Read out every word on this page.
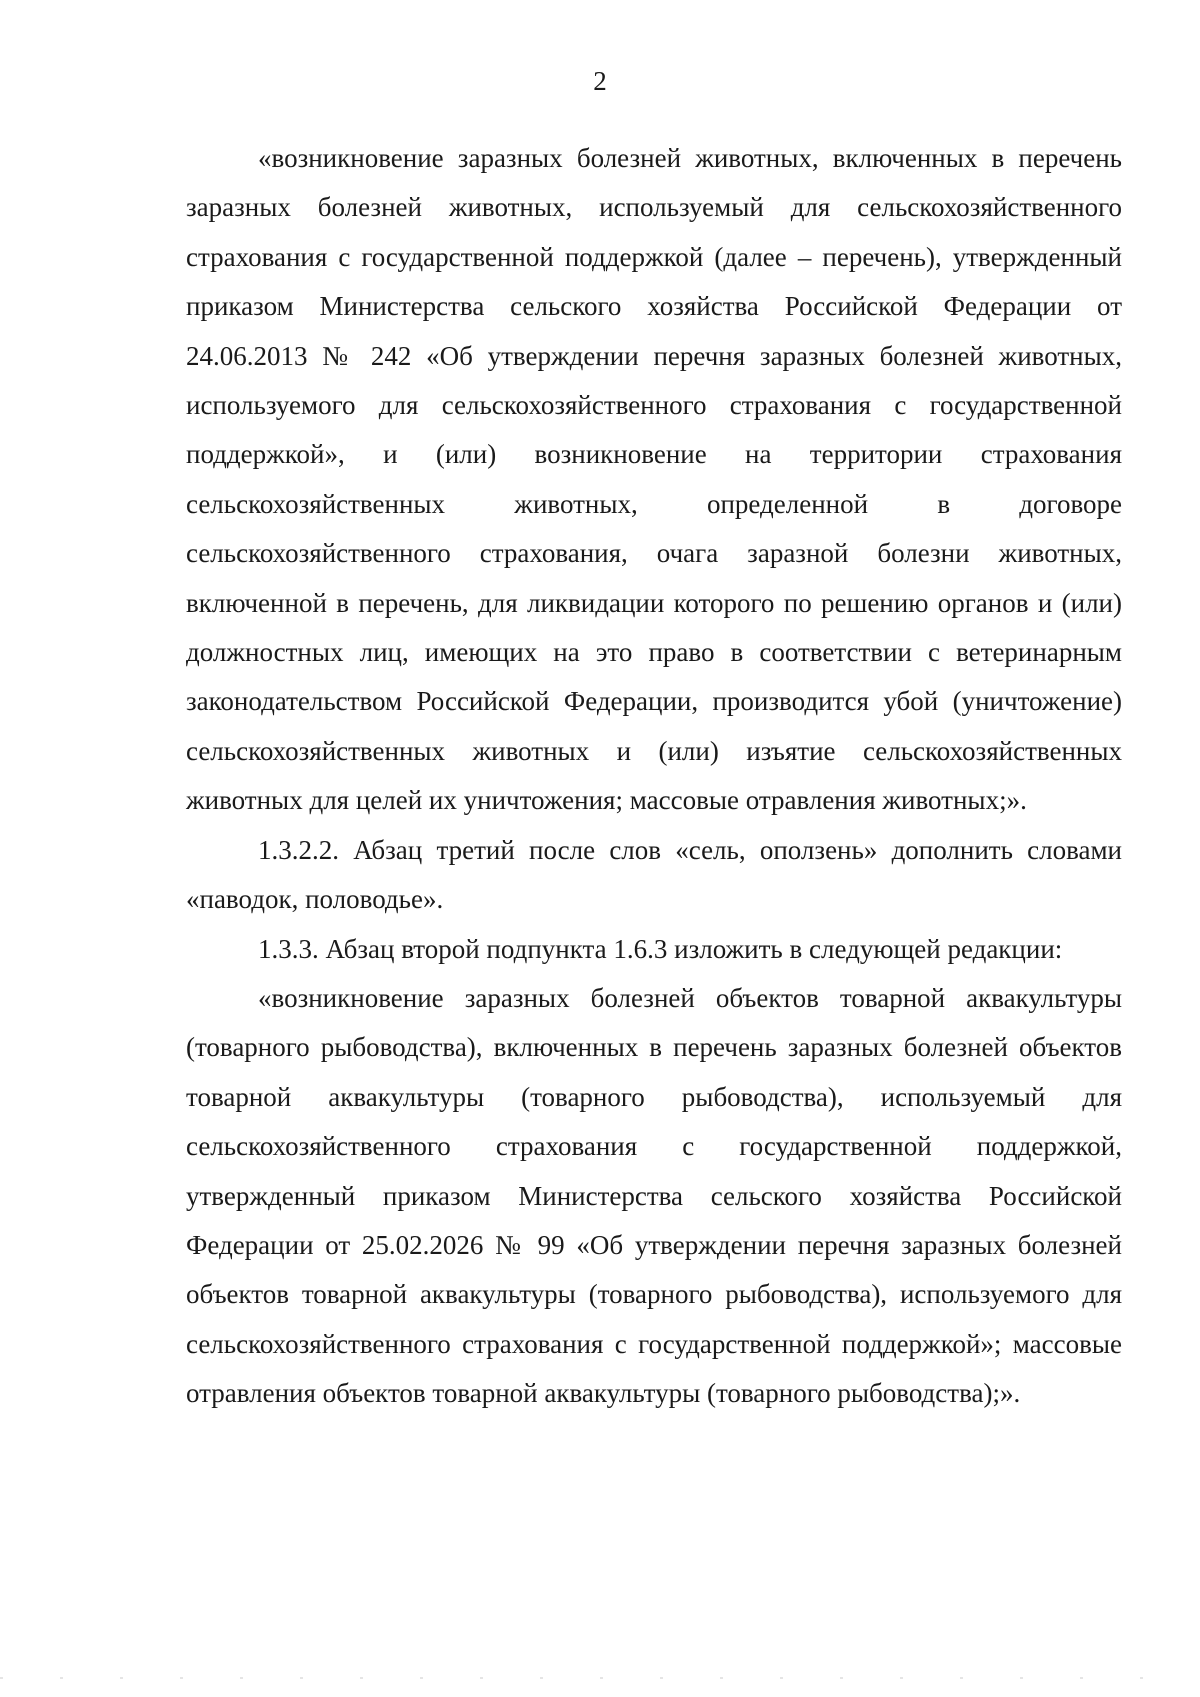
2

«возникновение заразных болезней животных, включенных в перечень заразных болезней животных, используемый для сельскохозяйственного страхования с государственной поддержкой (далее – перечень), утвержденный приказом Министерства сельского хозяйства Российской Федерации от 24.06.2013 № 242 «Об утверждении перечня заразных болезней животных, используемого для сельскохозяйственного страхования с государственной поддержкой», и (или) возникновение на территории страхования сельскохозяйственных животных, определенной в договоре сельскохозяйственного страхования, очага заразной болезни животных, включенной в перечень, для ликвидации которого по решению органов и (или) должностных лиц, имеющих на это право в соответствии с ветеринарным законодательством Российской Федерации, производится убой (уничтожение) сельскохозяйственных животных и (или) изъятие сельскохозяйственных животных для целей их уничтожения; массовые отравления животных;».

1.3.2.2. Абзац третий после слов «сель, оползень» дополнить словами «паводок, половодье».

1.3.3. Абзац второй подпункта 1.6.3 изложить в следующей редакции:

«возникновение заразных болезней объектов товарной аквакультуры (товарного рыбоводства), включенных в перечень заразных болезней объектов товарной аквакультуры (товарного рыбоводства), используемый для сельскохозяйственного страхования с государственной поддержкой, утвержденный приказом Министерства сельского хозяйства Российской Федерации от 25.02.2026 № 99 «Об утверждении перечня заразных болезней объектов товарной аквакультуры (товарного рыбоводства), используемого для сельскохозяйственного страхования с государственной поддержкой»; массовые отравления объектов товарной аквакультуры (товарного рыбоводства);».
